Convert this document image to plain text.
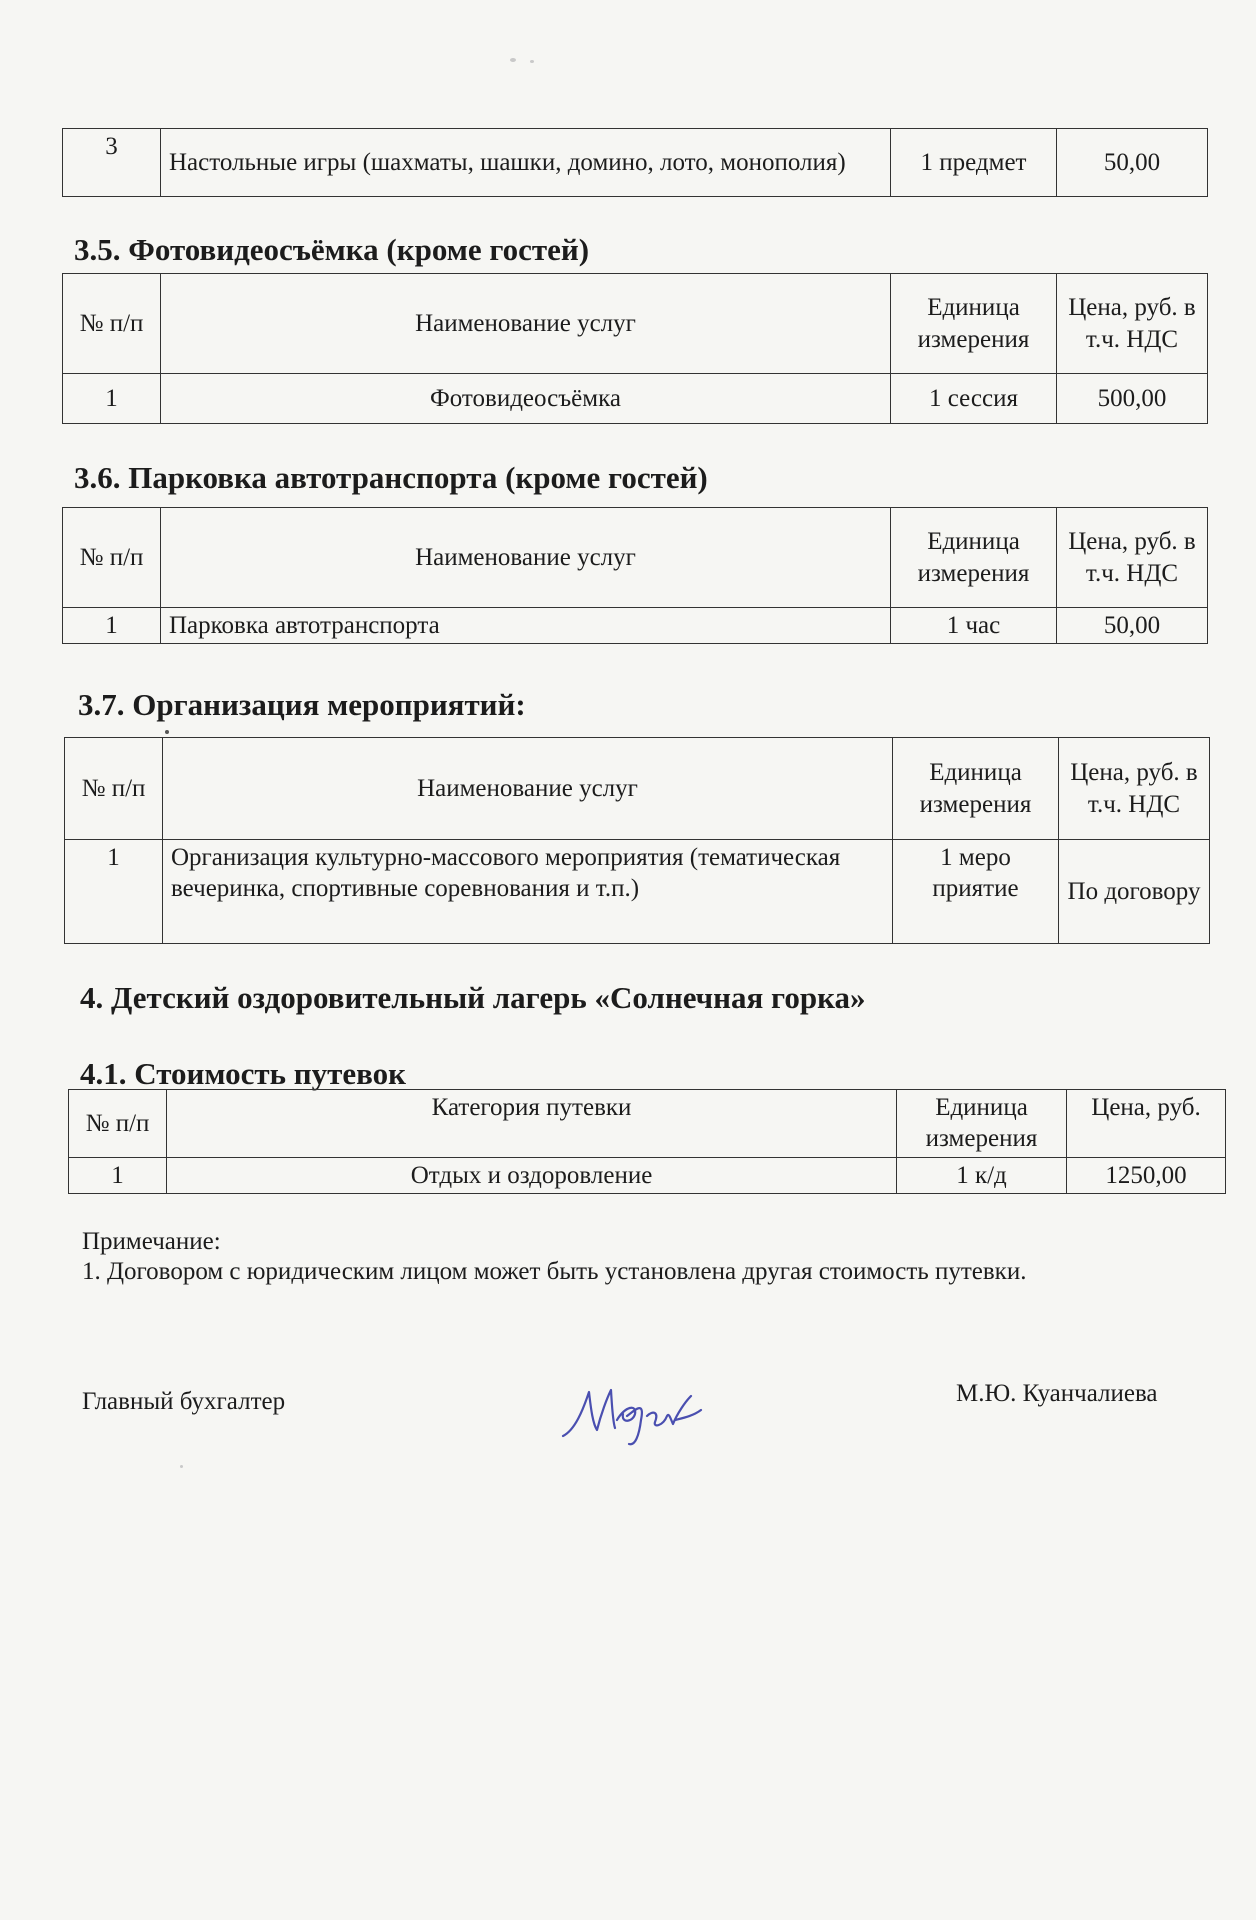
3	Настольные игры (шахматы, шашки, домино, лото, монополия)	1 предмет	50,00
3.5. Фотовидеосъёмка (кроме гостей)
№ п/п	Наименование услуг	Единица измерения	Цена, руб. в т.ч. НДС
1	Фотовидеосъёмка	1 сессия	500,00
3.6. Парковка автотранспорта (кроме гостей)
№ п/п	Наименование услуг	Единица измерения	Цена, руб. в т.ч. НДС
1	Парковка автотранспорта	1 час	50,00
3.7. Организация мероприятий:
№ п/п	Наименование услуг	Единица измерения	Цена, руб. в т.ч. НДС
1	Организация культурно-массового мероприятия (тематическая вечеринка, спортивные соревнования и т.п.)	1 меро приятие	По договору
4. Детский оздоровительный лагерь «Солнечная горка»
4.1. Стоимость путевок
№ п/п	Категория путевки	Единица измерения	Цена, руб.
1	Отдых и оздоровление	1 к/д	1250,00
Примечание:
1. Договором с юридическим лицом может быть установлена другая стоимость путевки.
Главный бухгалтер	М.Ю. Куанчалиева
